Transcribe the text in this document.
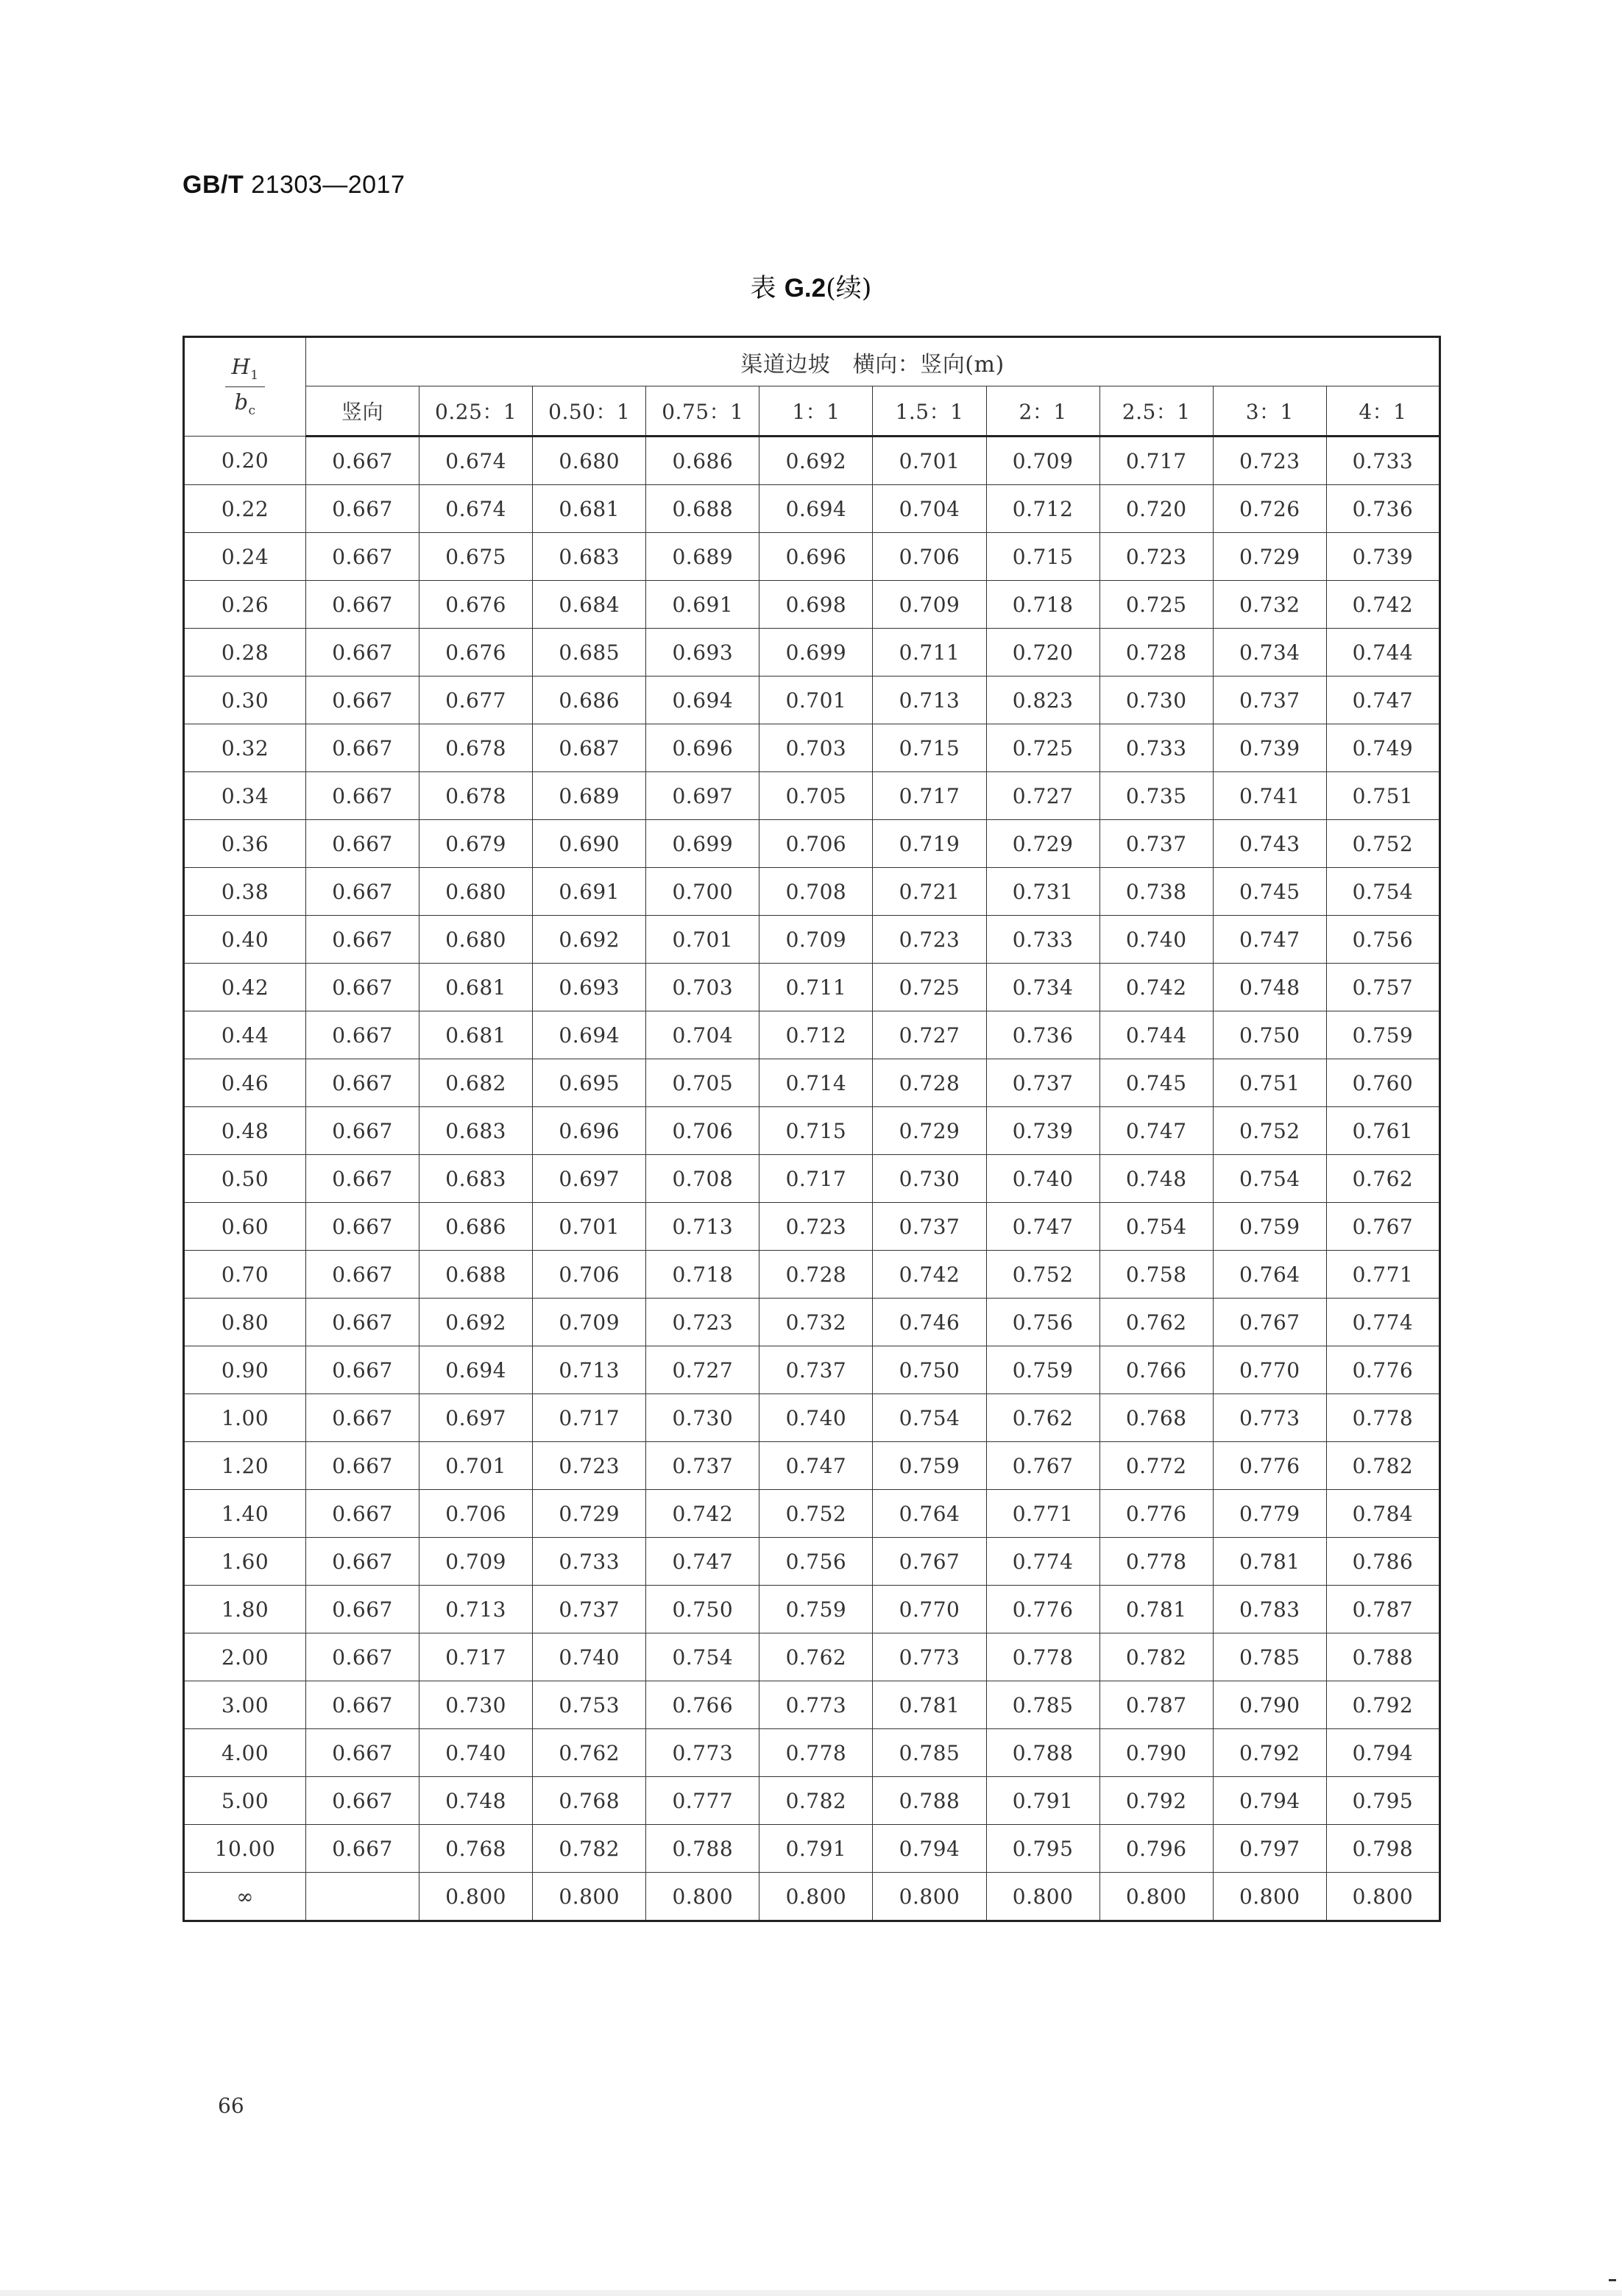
GB/T 21303—2017
表 G.2(续)
$\frac{H_1}{b_c}$	渠道边坡　横向：竖向(m)									
	竖向	0.25：1	0.50：1	0.75：1	1：1	1.5：1	2：1	2.5：1	3：1	4：1
0.20	0.667	0.674	0.680	0.686	0.692	0.701	0.709	0.717	0.723	0.733
0.22	0.667	0.674	0.681	0.688	0.694	0.704	0.712	0.720	0.726	0.736
0.24	0.667	0.675	0.683	0.689	0.696	0.706	0.715	0.723	0.729	0.739
0.26	0.667	0.676	0.684	0.691	0.698	0.709	0.718	0.725	0.732	0.742
0.28	0.667	0.676	0.685	0.693	0.699	0.711	0.720	0.728	0.734	0.744
0.30	0.667	0.677	0.686	0.694	0.701	0.713	0.823	0.730	0.737	0.747
0.32	0.667	0.678	0.687	0.696	0.703	0.715	0.725	0.733	0.739	0.749
0.34	0.667	0.678	0.689	0.697	0.705	0.717	0.727	0.735	0.741	0.751
0.36	0.667	0.679	0.690	0.699	0.706	0.719	0.729	0.737	0.743	0.752
0.38	0.667	0.680	0.691	0.700	0.708	0.721	0.731	0.738	0.745	0.754
0.40	0.667	0.680	0.692	0.701	0.709	0.723	0.733	0.740	0.747	0.756
0.42	0.667	0.681	0.693	0.703	0.711	0.725	0.734	0.742	0.748	0.757
0.44	0.667	0.681	0.694	0.704	0.712	0.727	0.736	0.744	0.750	0.759
0.46	0.667	0.682	0.695	0.705	0.714	0.728	0.737	0.745	0.751	0.760
0.48	0.667	0.683	0.696	0.706	0.715	0.729	0.739	0.747	0.752	0.761
0.50	0.667	0.683	0.697	0.708	0.717	0.730	0.740	0.748	0.754	0.762
0.60	0.667	0.686	0.701	0.713	0.723	0.737	0.747	0.754	0.759	0.767
0.70	0.667	0.688	0.706	0.718	0.728	0.742	0.752	0.758	0.764	0.771
0.80	0.667	0.692	0.709	0.723	0.732	0.746	0.756	0.762	0.767	0.774
0.90	0.667	0.694	0.713	0.727	0.737	0.750	0.759	0.766	0.770	0.776
1.00	0.667	0.697	0.717	0.730	0.740	0.754	0.762	0.768	0.773	0.778
1.20	0.667	0.701	0.723	0.737	0.747	0.759	0.767	0.772	0.776	0.782
1.40	0.667	0.706	0.729	0.742	0.752	0.764	0.771	0.776	0.779	0.784
1.60	0.667	0.709	0.733	0.747	0.756	0.767	0.774	0.778	0.781	0.786
1.80	0.667	0.713	0.737	0.750	0.759	0.770	0.776	0.781	0.783	0.787
2.00	0.667	0.717	0.740	0.754	0.762	0.773	0.778	0.782	0.785	0.788
3.00	0.667	0.730	0.753	0.766	0.773	0.781	0.785	0.787	0.790	0.792
4.00	0.667	0.740	0.762	0.773	0.778	0.785	0.788	0.790	0.792	0.794
5.00	0.667	0.748	0.768	0.777	0.782	0.788	0.791	0.792	0.794	0.795
10.00	0.667	0.768	0.782	0.788	0.791	0.794	0.795	0.796	0.797	0.798
∞		0.800	0.800	0.800	0.800	0.800	0.800	0.800	0.800	0.800
66
